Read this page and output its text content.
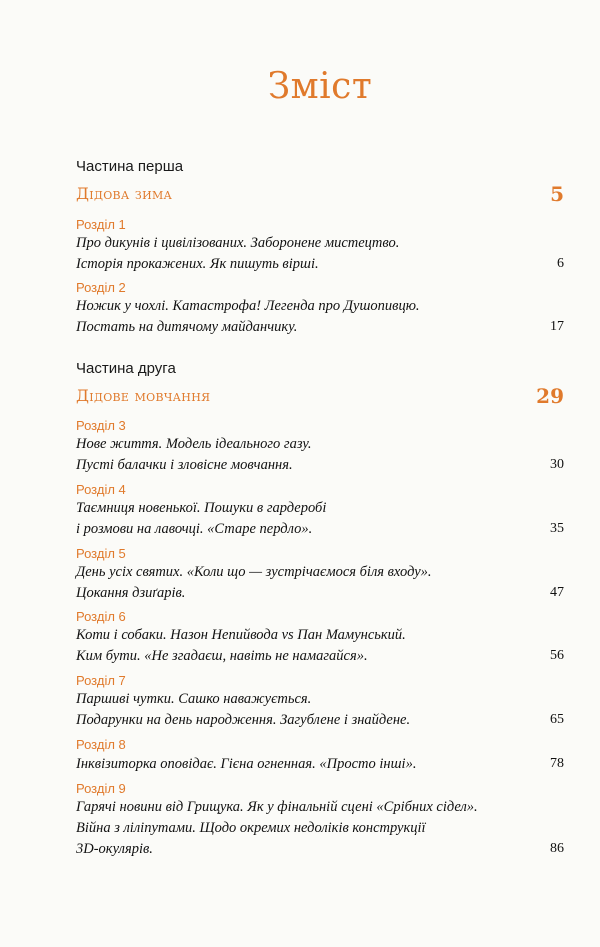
Зміст
Частина перша
Дідова зима	5
Розділ 1
Про дикунів і цивілізованих. Заборонене мистецтво.
Історія прокажених. Як пишуть вірші.	6
Розділ 2
Ножик у чохлі. Катастрофа! Легенда про Душопивцю.
Постать на дитячому майданчику.	17
Частина друга
Дідове мовчання	29
Розділ 3
Нове життя. Модель ідеального газу.
Пусті балачки і зловісне мовчання.	30
Розділ 4
Таємниця новенької. Пошуки в гардеробі
і розмови на лавочці. «Старе пердло».	35
Розділ 5
День усіх святих. «Коли що — зустрічаємося біля входу».
Цокання дзиґарів.	47
Розділ 6
Коти і собаки. Назон Непийвода vs Пан Мамунський.
Ким бути. «Не згадаєш, навіть не намагайся».	56
Розділ 7
Паршиві чутки. Сашко наважується.
Подарунки на день народження. Загублене і знайдене.	65
Розділ 8
Інквізиторка оповідає. Гієна огненная. «Просто інші».	78
Розділ 9
Гарячі новини від Грищука. Як у фінальній сцені «Срібних сідел».
Війна з ліліпутами. Щодо окремих недоліків конструкції
3D-окулярів.	86
